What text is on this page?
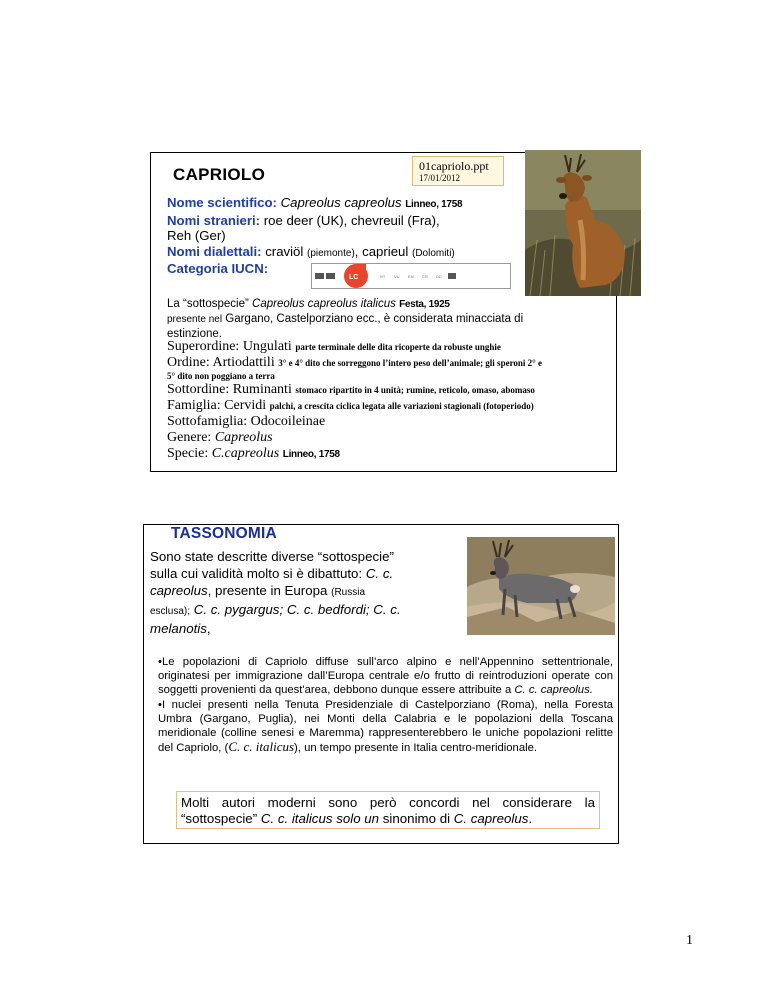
CAPRIOLO	01capriolo.ppt
17/01/2012
Nome scientifico: Capreolus capreolus Linneo, 1758
Nomi stranieri: roe deer (UK), chevreuil (Fra),
Reh (Ger)
Nomi dialettali: craviöl (piemonte), caprieul (Dolomiti)
Categoria IUCN:
LC	NT VU EN CR DD
La “sottospecie” Capreolus capreolus italicus Festa, 1925
presente nel Gargano, Castelporziano ecc., è considerata minacciata di
estinzione.
Superordine: Ungulati parte terminale delle dita ricoperte da robuste unghie
Ordine: Artiodattili 3° e 4° dito che sorreggono l’intero peso dell’animale; gli speroni 2° e
5° dito non poggiano a terra
Sottordine: Ruminanti stomaco ripartito in 4 unità; rumine, reticolo, omaso, abomaso
Famiglia: Cervidi palchi, a crescita ciclica legata alle variazioni stagionali (fotoperiodo)
Sottofamiglia: Odocoileinae
Genere: Capreolus
Specie: C.capreolus Linneo, 1758
TASSONOMIA
Sono state descritte diverse “sottospecie”
sulla cui validità molto si è dibattuto: C. c.
capreolus, presente in Europa (Russia
esclusa); C. c. pygargus; C. c. bedfordi; C. c.
melanotis,
•Le popolazioni di Capriolo diffuse sull’arco alpino e nell’Appennino settentrionale, originatesi per immigrazione dall’Europa centrale e/o frutto di reintroduzioni operate con soggetti provenienti da quest'area, debbono dunque essere attribuite a C. c. capreolus.
•I nuclei presenti nella Tenuta Presidenziale di Castelporziano (Roma), nella Foresta Umbra (Gargano, Puglia), nei Monti della Calabria e le popolazioni della Toscana meridionale (colline senesi e Maremma) rappresenterebbero le uniche popolazioni relitte del Capriolo, (C. c. italicus), un tempo presente in Italia centro-meridionale.
Molti autori moderni sono però concordi nel considerare la “sottospecie” C. c. italicus solo un sinonimo di C. capreolus.
1
